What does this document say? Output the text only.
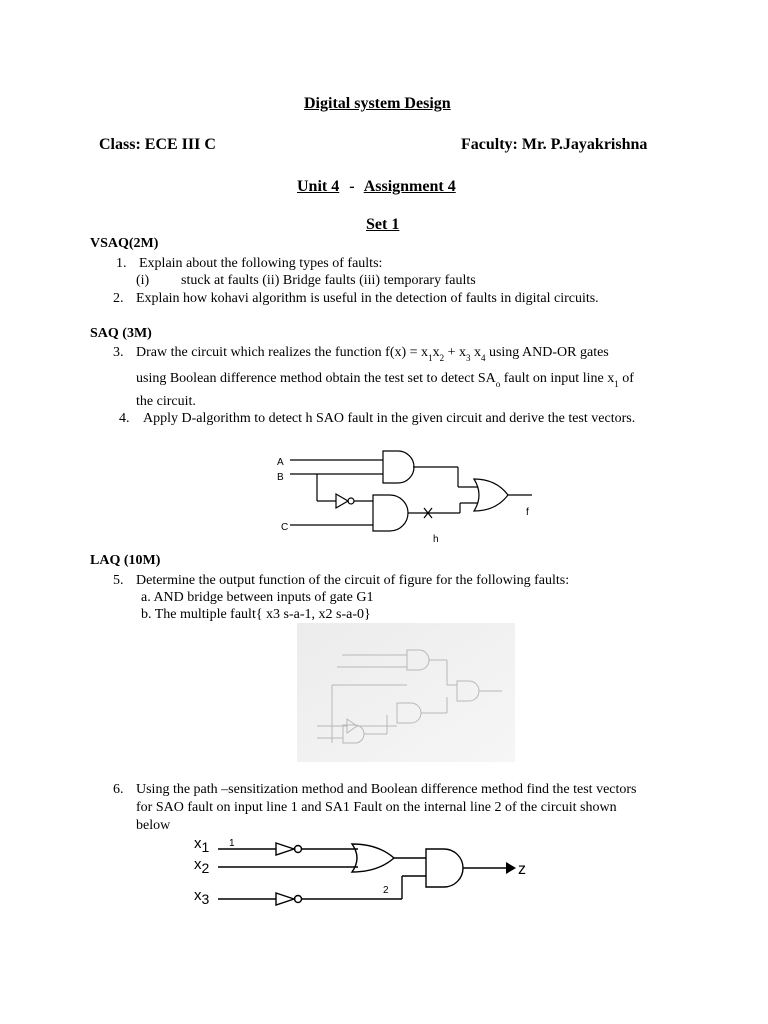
Digital system Design
Class: ECE III C	Faculty: Mr. P.Jayakrishna
Unit 4 - Assignment 4
Set 1
VSAQ(2M)
1. Explain about the following types of faults:
(i) stuck at faults (ii) Bridge faults (iii) temporary faults
2. Explain how kohavi algorithm is useful in the detection of faults in digital circuits.
SAQ (3M)
3. Draw the circuit which realizes the function $f(x) = x_1x_2 + x_3$ $x_4$ using AND-OR gates
using Boolean difference method obtain the test set to detect $SA_o$ fault on input line $x_1$ of
the circuit.
4. Apply D-algorithm to detect h SAO fault in the given circuit and derive the test vectors.
A
B
C
f
h
LAQ (10M)
5. Determine the output function of the circuit of figure for the following faults:
a. AND bridge between inputs of gate G1
b. The multiple fault{ x3 s-a-1, x2 s-a-0}
6. Using the path –sensitization method and Boolean difference method find the test vectors
for SAO fault on input line 1 and SA1 Fault on the internal line 2 of the circuit shown
below
x1
x2
x3
1
2
z
